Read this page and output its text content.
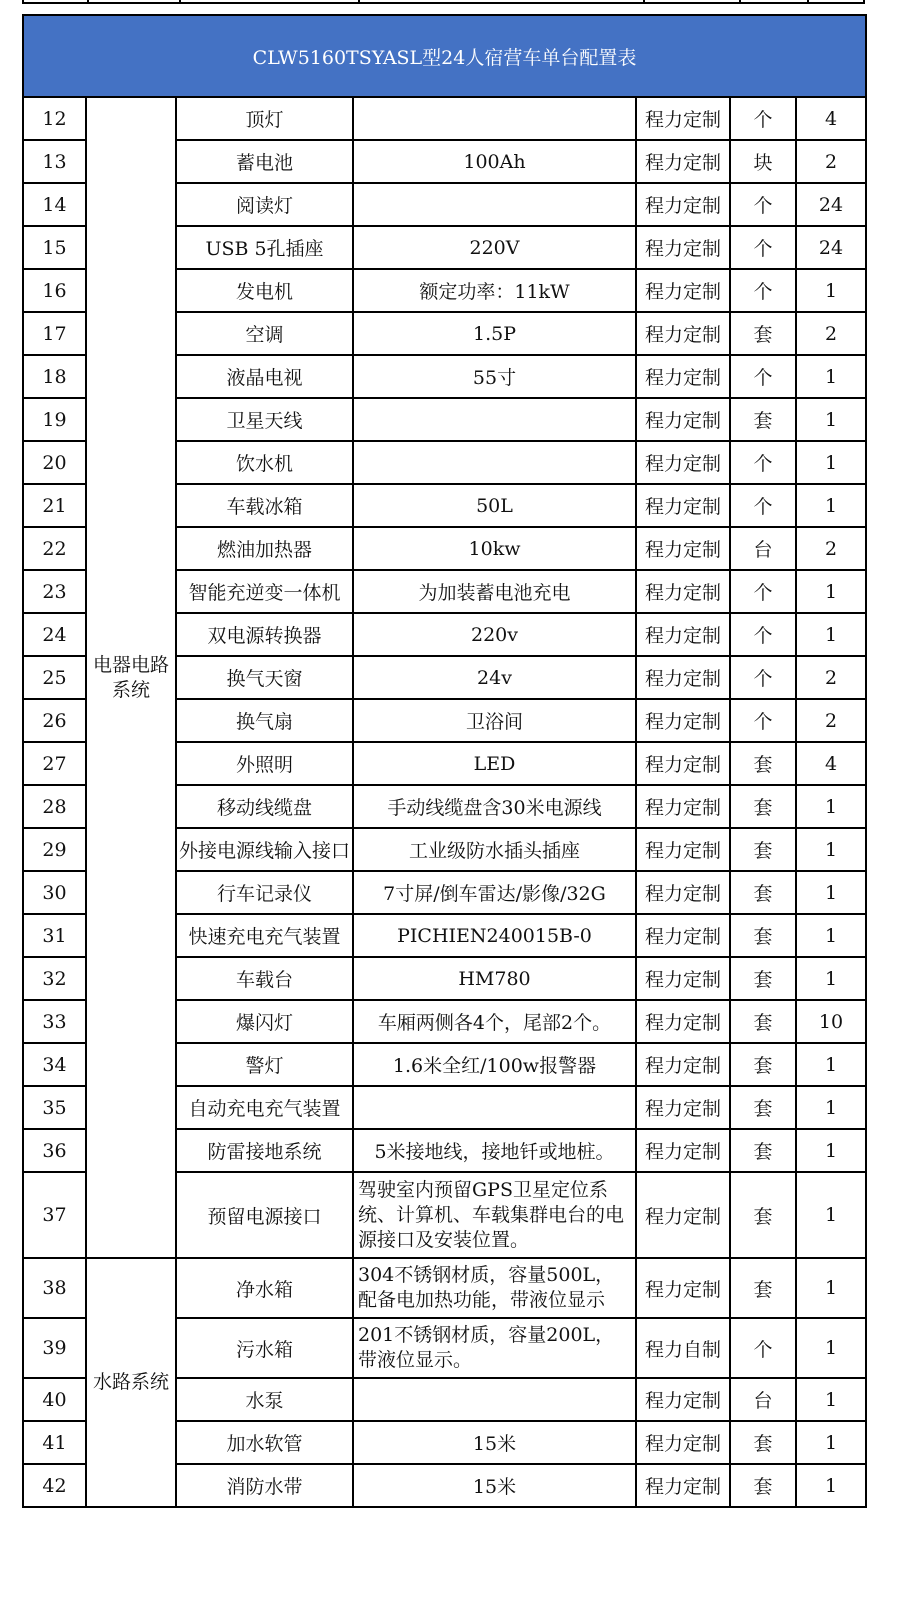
CLW5160TSYASL型24人宿营车单台配置表						
12	电器电路系统	顶灯		程力定制	个	4
13		蓄电池	100Ah	程力定制	块	2
14		阅读灯		程力定制	个	24
15		USB 5孔插座	220V	程力定制	个	24
16		发电机	额定功率：11kW	程力定制	个	1
17		空调	1.5P	程力定制	套	2
18		液晶电视	55寸	程力定制	个	1
19		卫星天线		程力定制	套	1
20		饮水机		程力定制	个	1
21		车载冰箱	50L	程力定制	个	1
22		燃油加热器	10kw	程力定制	台	2
23		智能充逆变一体机	为加装蓄电池充电	程力定制	个	1
24		双电源转换器	220v	程力定制	个	1
25		换气天窗	24v	程力定制	个	2
26		换气扇	卫浴间	程力定制	个	2
27		外照明	LED	程力定制	套	4
28		移动线缆盘	手动线缆盘含30米电源线	程力定制	套	1
29		外接电源线输入接口	工业级防水插头插座	程力定制	套	1
30		行车记录仪	7寸屏/倒车雷达/影像/32G	程力定制	套	1
31		快速充电充气装置	PICHIEN240015B-0	程力定制	套	1
32		车载台	HM780	程力定制	套	1
33		爆闪灯	车厢两侧各4个，尾部2个。	程力定制	套	10
34		警灯	1.6米全红/100w报警器	程力定制	套	1
35		自动充电充气装置		程力定制	套	1
36		防雷接地系统	5米接地线，接地钎或地桩。	程力定制	套	1
37		预留电源接口	驾驶室内预留GPS卫星定位系统、计算机、车载集群电台的电源接口及安装位置。	程力定制	套	1
38	水路系统	净水箱	304不锈钢材质，容量500L，配备电加热功能，带液位显示	程力定制	套	1
39		污水箱	201不锈钢材质，容量200L，带液位显示。	程力自制	个	1
40		水泵		程力定制	台	1
41		加水软管	15米	程力定制	套	1
42		消防水带	15米	程力定制	套	1
